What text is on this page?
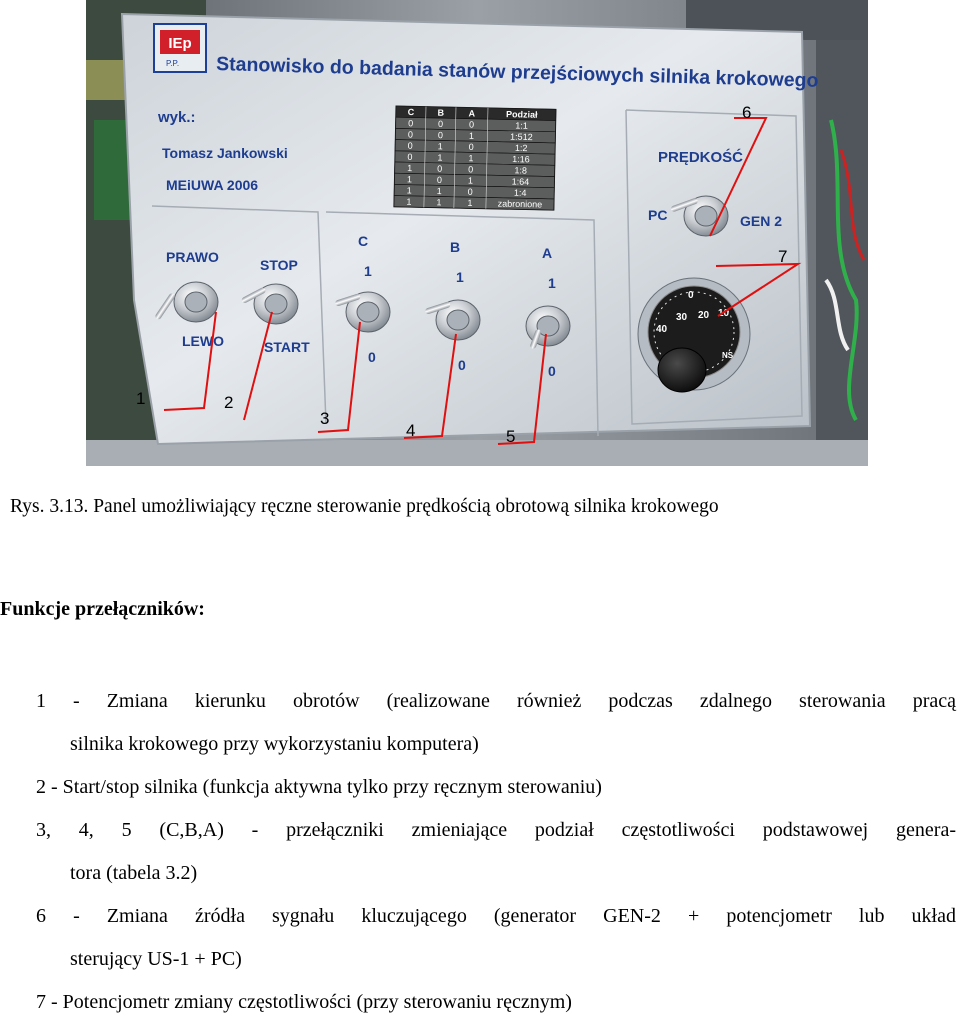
IEp
P.P. Stanowisko do badania stanów przejściowych silnika krokowego
wyk.:
Tomasz Jankowski
MEiUWA 2006
C	B	A	Podział
0	0	0	1:1
0	0	1	1:512
0	1	0	1:2
0	1	1	1:16
1	0	0	1:8
1	0	1	1:64
1	1	0	1:4
1	1	1	zabronione
PRAWO
LEWO
STOP
START
C	B	A
1	1	1
0	0	0
PRĘDKOŚĆ
PC	GEN 2
0
10
20
30
40
NS
1	2
3
4	5
6
7
Rys. 3.13. Panel umożliwiający ręczne sterowanie prędkością obrotową silnika krokowego
Funkcje przełączników:
1 - Zmiana kierunku obrotów (realizowane również podczas zdalnego sterowania pracą
silnika krokowego przy wykorzystaniu komputera)
2 - Start/stop silnika (funkcja aktywna tylko przy ręcznym sterowaniu)
3, 4, 5 (C,B,A) - przełączniki zmieniające podział częstotliwości podstawowej genera-
tora (tabela 3.2)
6 - Zmiana źródła sygnału kluczującego (generator GEN-2 + potencjometr lub układ
sterujący US-1 + PC)
7 - Potencjometr zmiany częstotliwości (przy sterowaniu ręcznym)
